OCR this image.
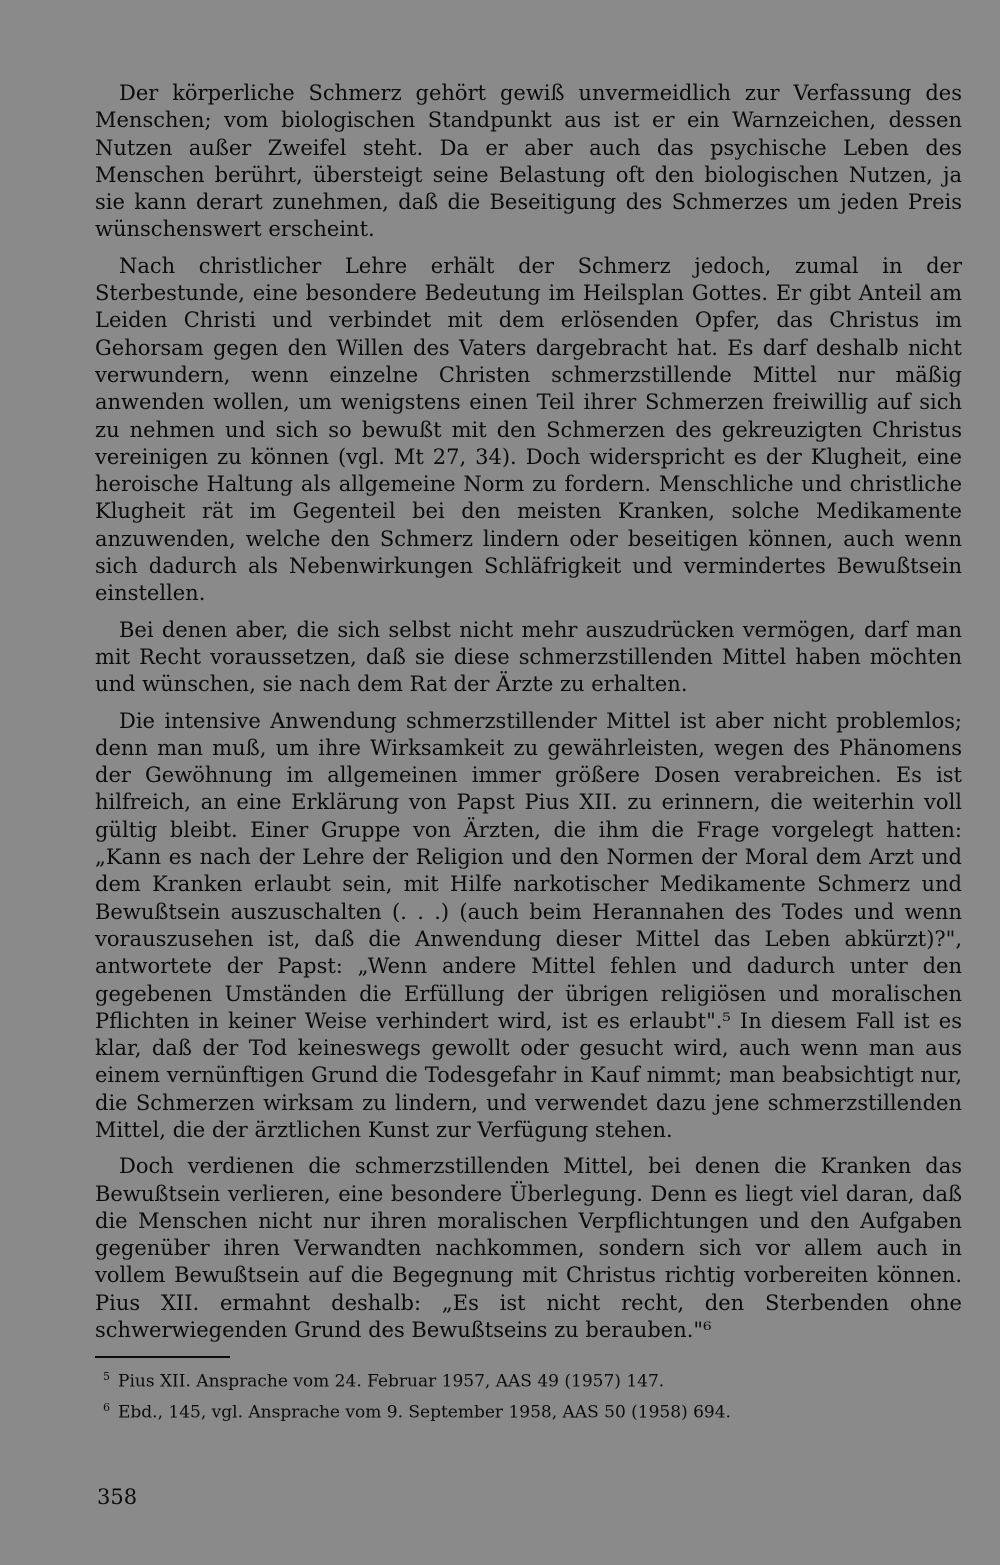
Der körperliche Schmerz gehört gewiß unvermeidlich zur Verfassung des Menschen; vom biologischen Standpunkt aus ist er ein Warnzeichen, dessen Nutzen außer Zweifel steht. Da er aber auch das psychische Leben des Menschen berührt, übersteigt seine Belastung oft den biologischen Nutzen, ja sie kann derart zunehmen, daß die Beseitigung des Schmerzes um jeden Preis wünschenswert erscheint.

Nach christlicher Lehre erhält der Schmerz jedoch, zumal in der Sterbestunde, eine besondere Bedeutung im Heilsplan Gottes. Er gibt Anteil am Leiden Christi und verbindet mit dem erlösenden Opfer, das Christus im Gehorsam gegen den Willen des Vaters dargebracht hat. Es darf deshalb nicht verwundern, wenn einzelne Christen schmerzstillende Mittel nur mäßig anwenden wollen, um wenigstens einen Teil ihrer Schmerzen freiwillig auf sich zu nehmen und sich so bewußt mit den Schmerzen des gekreuzigten Christus vereinigen zu können (vgl. Mt 27, 34). Doch widerspricht es der Klugheit, eine heroische Haltung als allgemeine Norm zu fordern. Menschliche und christliche Klugheit rät im Gegenteil bei den meisten Kranken, solche Medikamente anzuwenden, welche den Schmerz lindern oder beseitigen können, auch wenn sich dadurch als Nebenwirkungen Schläfrigkeit und vermindertes Bewußtsein einstellen.

Bei denen aber, die sich selbst nicht mehr auszudrücken vermögen, darf man mit Recht voraussetzen, daß sie diese schmerzstillenden Mittel haben möchten und wünschen, sie nach dem Rat der Ärzte zu erhalten.

Die intensive Anwendung schmerzstillender Mittel ist aber nicht problemlos; denn man muß, um ihre Wirksamkeit zu gewährleisten, wegen des Phänomens der Gewöhnung im allgemeinen immer größere Dosen verabreichen. Es ist hilfreich, an eine Erklärung von Papst Pius XII. zu erinnern, die weiterhin voll gültig bleibt. Einer Gruppe von Ärzten, die ihm die Frage vorgelegt hatten: „Kann es nach der Lehre der Religion und den Normen der Moral dem Arzt und dem Kranken erlaubt sein, mit Hilfe narkotischer Medikamente Schmerz und Bewußtsein auszuschalten (. . .) (auch beim Herannahen des Todes und wenn vorauszusehen ist, daß die Anwendung dieser Mittel das Leben abkürzt)?", antwortete der Papst: „Wenn andere Mittel fehlen und dadurch unter den gegebenen Umständen die Erfüllung der übrigen religiösen und moralischen Pflichten in keiner Weise verhindert wird, ist es erlaubt".⁵ In diesem Fall ist es klar, daß der Tod keineswegs gewollt oder gesucht wird, auch wenn man aus einem vernünftigen Grund die Todesgefahr in Kauf nimmt; man beabsichtigt nur, die Schmerzen wirksam zu lindern, und verwendet dazu jene schmerzstillenden Mittel, die der ärztlichen Kunst zur Verfügung stehen.

Doch verdienen die schmerzstillenden Mittel, bei denen die Kranken das Bewußtsein verlieren, eine besondere Überlegung. Denn es liegt viel daran, daß die Menschen nicht nur ihren moralischen Verpflichtungen und den Aufgaben gegenüber ihren Verwandten nachkommen, sondern sich vor allem auch in vollem Bewußtsein auf die Begegnung mit Christus richtig vorbereiten können. Pius XII. ermahnt deshalb: „Es ist nicht recht, den Sterbenden ohne schwerwiegenden Grund des Bewußtseins zu berauben."⁶

$^5$ Pius XII. Ansprache vom 24. Februar 1957, AAS 49 (1957) 147.
$^6$ Ebd., 145, vgl. Ansprache vom 9. September 1958, AAS 50 (1958) 694.
358
